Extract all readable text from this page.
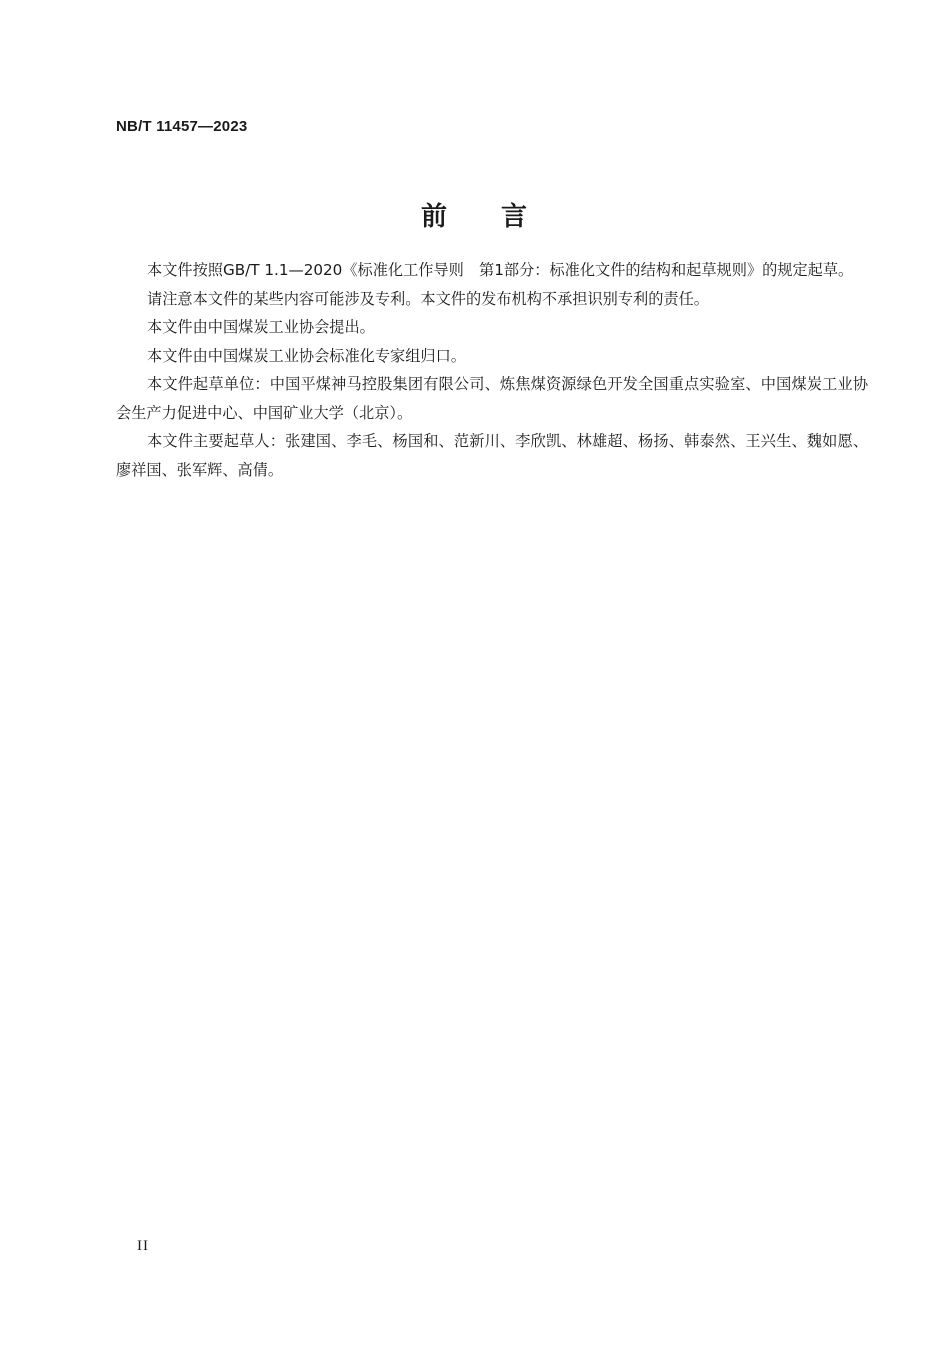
NB/T 11457—2023
前 言

本文件按照GB/T 1.1—2020《标准化工作导则　第1部分：标准化文件的结构和起草规则》的规定起草。

请注意本文件的某些内容可能涉及专利。本文件的发布机构不承担识别专利的责任。

本文件由中国煤炭工业协会提出。

本文件由中国煤炭工业协会标准化专家组归口。

本文件起草单位：中国平煤神马控股集团有限公司、炼焦煤资源绿色开发全国重点实验室、中国煤炭工业协会生产力促进中心、中国矿业大学（北京）。

本文件主要起草人：张建国、李毛、杨国和、范新川、李欣凯、林雄超、杨扬、韩泰然、王兴生、魏如愿、廖祥国、张军辉、高倩。

II
